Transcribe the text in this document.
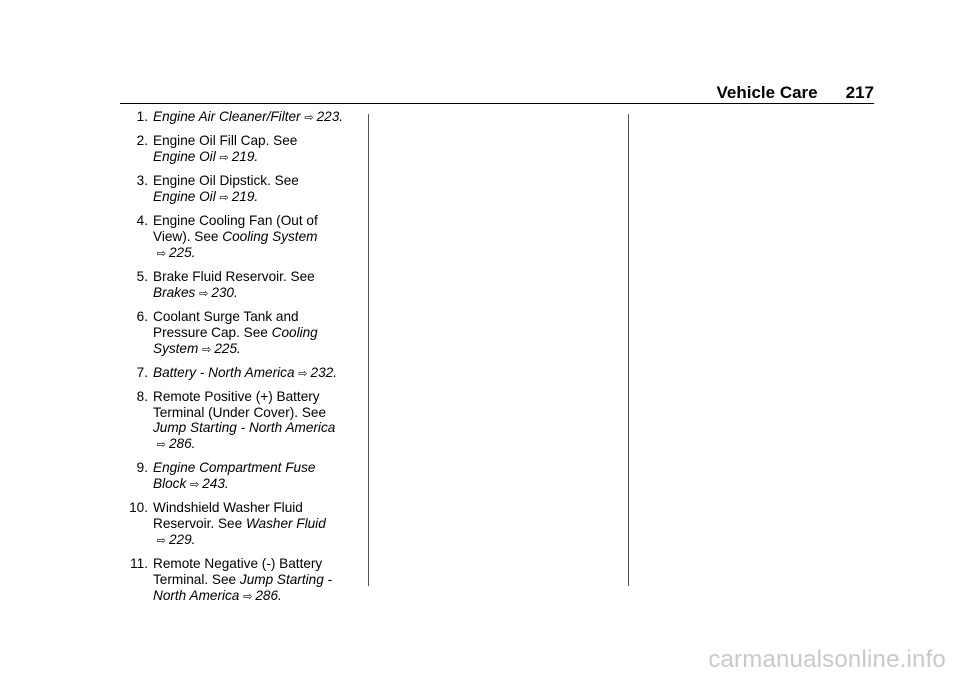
Vehicle Care 217
1. Engine Air Cleaner/Filter ⇨ 223.
2. Engine Oil Fill Cap. See
Engine Oil ⇨ 219.
3. Engine Oil Dipstick. See
Engine Oil ⇨ 219.
4. Engine Cooling Fan (Out of
View). See Cooling System
⇨ 225.
5. Brake Fluid Reservoir. See
Brakes ⇨ 230.
6. Coolant Surge Tank and
Pressure Cap. See Cooling
System ⇨ 225.
7. Battery - North America ⇨ 232.
8. Remote Positive (+) Battery
Terminal (Under Cover). See
Jump Starting - North America
⇨ 286.
9. Engine Compartment Fuse
Block ⇨ 243.
10. Windshield Washer Fluid
Reservoir. See Washer Fluid
⇨ 229.
11. Remote Negative (-) Battery
Terminal. See Jump Starting -
North America ⇨ 286.
carmanualsonline.info
